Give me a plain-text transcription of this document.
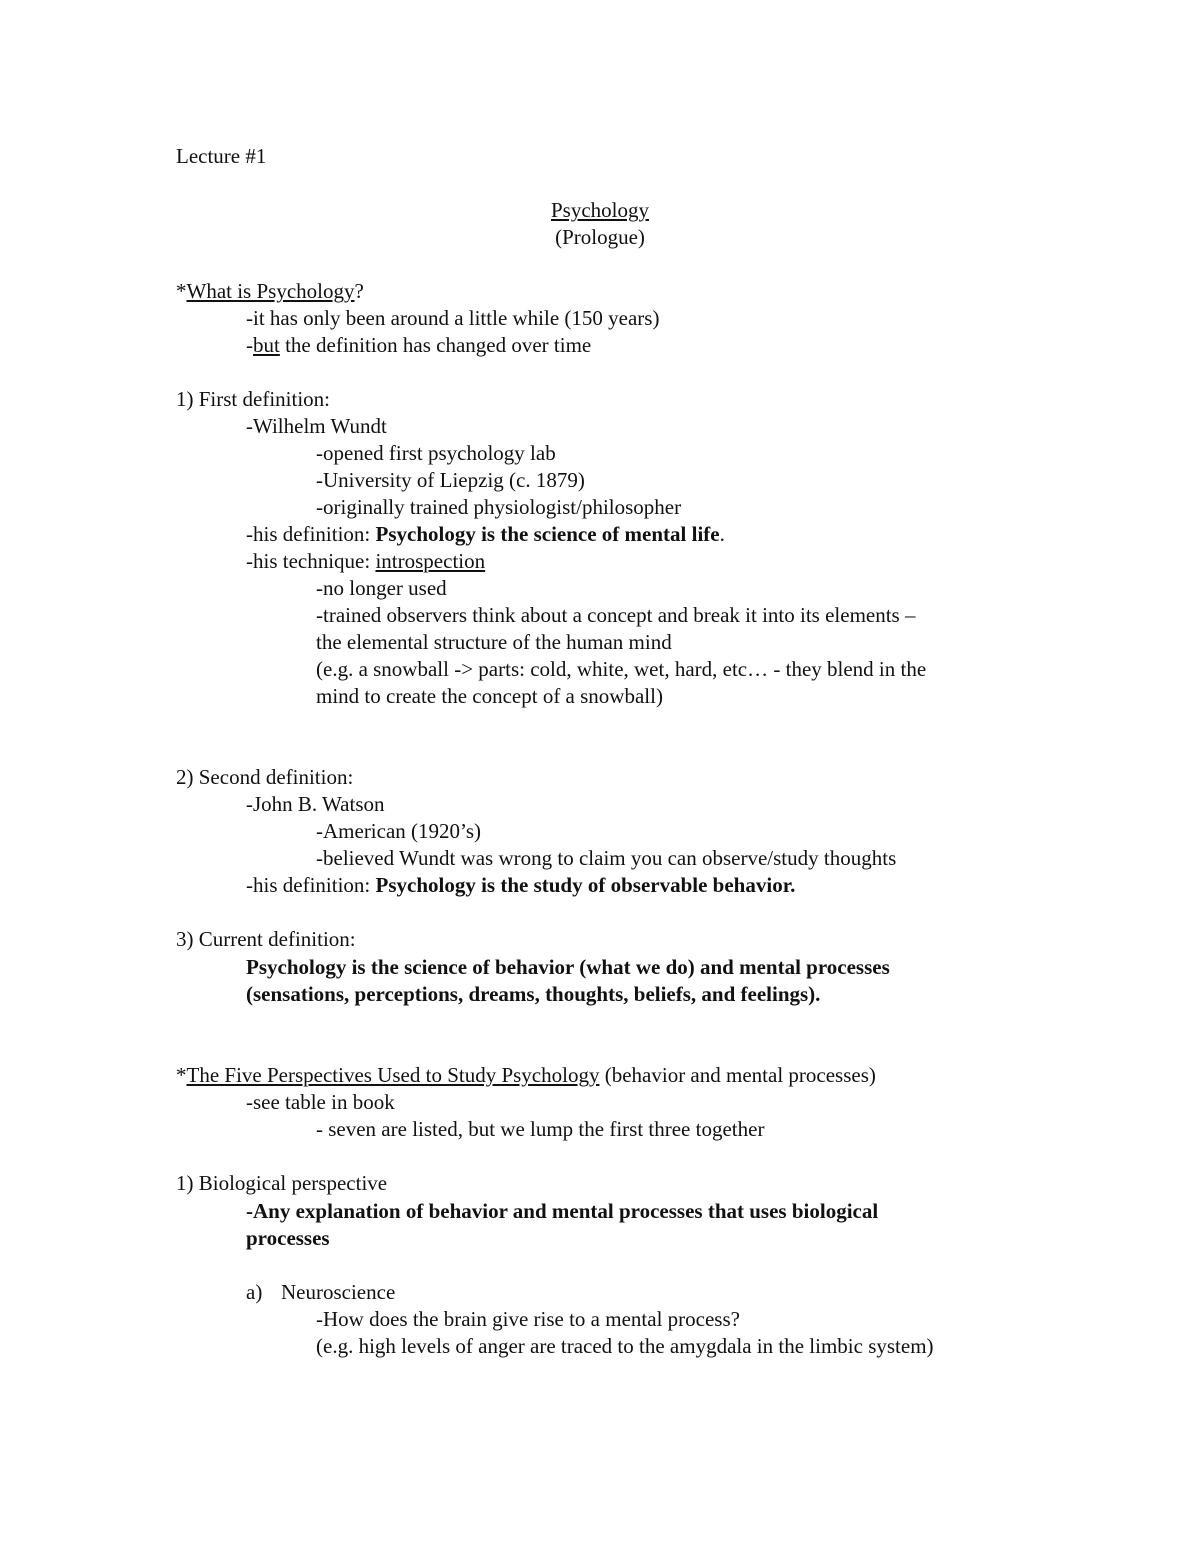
Lecture #1
Psychology
(Prologue)
*What is Psychology?
-it has only been around a little while (150 years)
-but the definition has changed over time
1) First definition:
-Wilhelm Wundt
-opened first psychology lab
-University of Liepzig (c. 1879)
-originally trained physiologist/philosopher
-his definition: Psychology is the science of mental life.
-his technique: introspection
-no longer used
-trained observers think about a concept and break it into its elements –
the elemental structure of the human mind
(e.g. a snowball -> parts: cold, white, wet, hard, etc… - they blend in the
mind to create the concept of a snowball)
2) Second definition:
-John B. Watson
-American (1920’s)
-believed Wundt was wrong to claim you can observe/study thoughts
-his definition: Psychology is the study of observable behavior.
3) Current definition:
Psychology is the science of behavior (what we do) and mental processes
(sensations, perceptions, dreams, thoughts, beliefs, and feelings).
*The Five Perspectives Used to Study Psychology (behavior and mental processes)
-see table in book
- seven are listed, but we lump the first three together
1) Biological perspective
-Any explanation of behavior and mental processes that uses biological
processes
a) Neuroscience
-How does the brain give rise to a mental process?
(e.g. high levels of anger are traced to the amygdala in the limbic system)
